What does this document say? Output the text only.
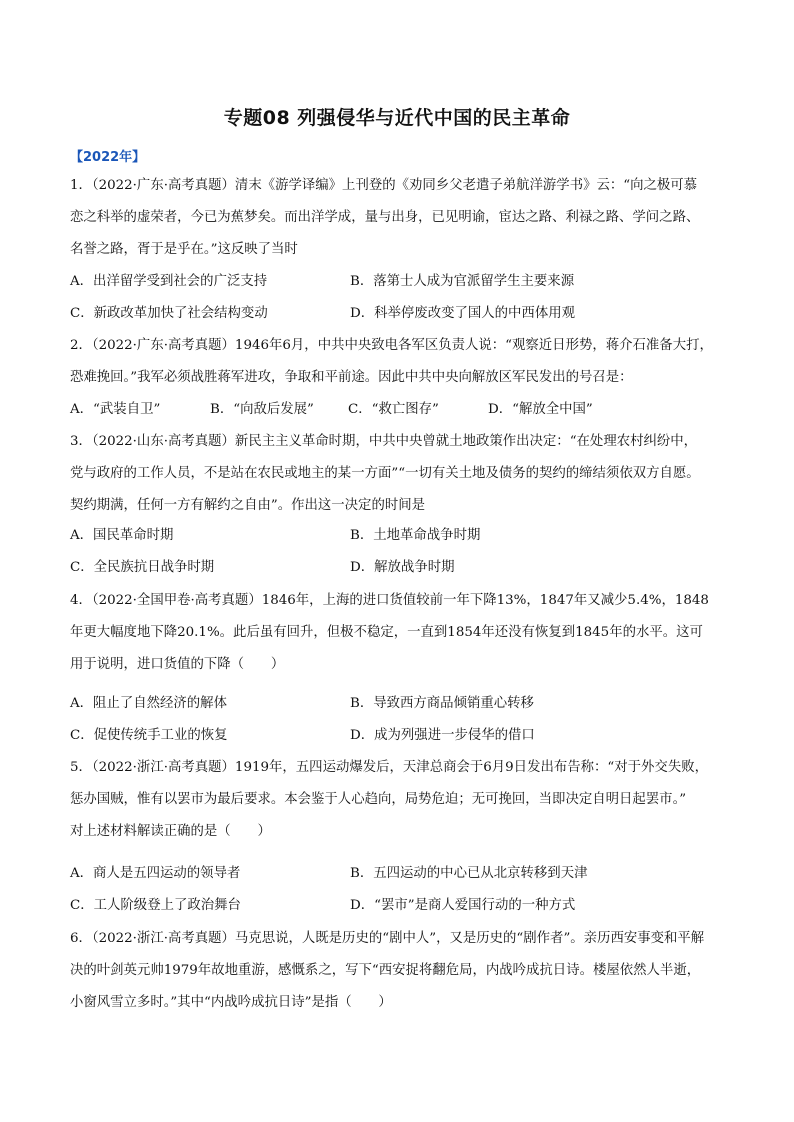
专题08 列强侵华与近代中国的民主革命
【2022年】
1．（2022·广东·高考真题）清末《游学译编》上刊登的《劝同乡父老遣子弟航洋游学书》云：“向之极可慕
恋之科举的虚荣者，今已为蕉梦矣。而出洋学成，量与出身，已见明谕，宦达之路、利禄之路、学问之路、
名誉之路，胥于是乎在。”这反映了当时
A．出洋留学受到社会的广泛支持	B．落第士人成为官派留学生主要来源
C．新政改革加快了社会结构变动	D．科举停废改变了国人的中西体用观
2．（2022·广东·高考真题）1946年6月，中共中央致电各军区负责人说：“观察近日形势，蒋介石准备大打，
恐难挽回。”我军必须战胜蒋军进攻，争取和平前途。因此中共中央向解放区军民发出的号召是：
A．“武装自卫”	B．“向敌后发展”	C．“救亡图存”	D．“解放全中国”
3．（2022·山东·高考真题）新民主主义革命时期，中共中央曾就土地政策作出决定：“在处理农村纠纷中，
党与政府的工作人员，不是站在农民或地主的某一方面”“一切有关土地及债务的契约的缔结须依双方自愿。
契约期满，任何一方有解约之自由”。作出这一决定的时间是
A．国民革命时期	B．土地革命战争时期
C．全民族抗日战争时期	D．解放战争时期
4．（2022·全国甲卷·高考真题）1846年，上海的进口货值较前一年下降13%，1847年又减少5.4%，1848
年更大幅度地下降20.1%。此后虽有回升，但极不稳定，一直到1854年还没有恢复到1845年的水平。这可
用于说明，进口货值的下降（　　）
A．阻止了自然经济的解体	B．导致西方商品倾销重心转移
C．促使传统手工业的恢复	D．成为列强进一步侵华的借口
5．（2022·浙江·高考真题）1919年，五四运动爆发后，天津总商会于6月9日发出布告称：“对于外交失败，
惩办国贼，惟有以罢市为最后要求。本会鉴于人心趋向，局势危迫；无可挽回，当即决定自明日起罢市。”
对上述材料解读正确的是（　　）
A．商人是五四运动的领导者	B．五四运动的中心已从北京转移到天津
C．工人阶级登上了政治舞台	D．“罢市”是商人爱国行动的一种方式
6．（2022·浙江·高考真题）马克思说，人既是历史的“剧中人”，又是历史的“剧作者”。亲历西安事变和平解
决的叶剑英元帅1979年故地重游，感慨系之，写下“西安捉将翻危局，内战吟成抗日诗。楼屋依然人半逝，
小窗风雪立多时。”其中“内战吟成抗日诗”是指（　　）
